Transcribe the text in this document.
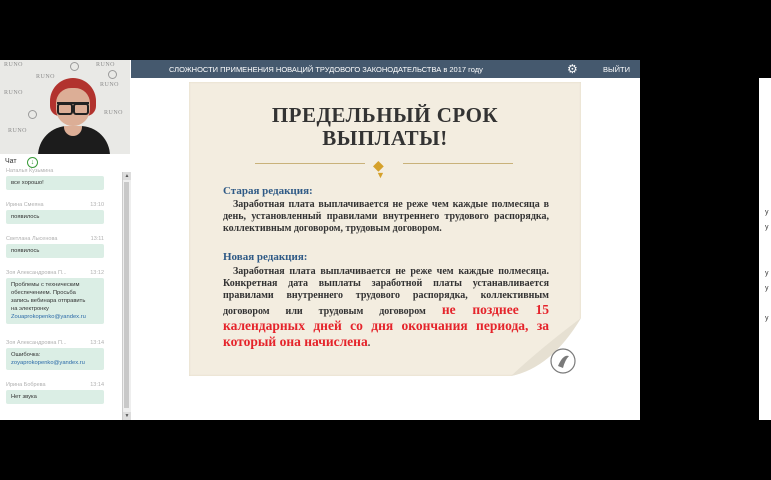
RUNO	RUNO
RUNO
RUNO
RUNO
RUNO
RUNO
Чат	↓
Наталья Кузьмина
все хорошо!
Ирина Смеяна	13:10
появилось
Светлана Лысенова	13:11
появилось
Зоя Александровна П...	13:12
Проблемы с техническим
обеспечением. Просьба
запись вебинара отправить
на электронку
Zouaprokopenko@yandex.ru
Зоя Александровна П...	13:14
Ошибочка:
zoyaprokopenko@yandex.ru
Ирина Бобрева	13:14
Нет звука
▲
▼
СЛОЖНОСТИ ПРИМЕНЕНИЯ НОВАЦИЙ ТРУДОВОГО ЗАКОНОДАТЕЛЬСТВА в 2017 году	⚙	ВЫЙТИ
ПРЕДЕЛЬНЫЙ СРОК
ВЫПЛАТЫ!
◆
▼
Старая редакция:
Заработная плата выплачивается не реже чем каждые полмесяца в день, установленный правилами внутреннего трудового распорядка, коллективным договором, трудовым договором.
Новая редакция:
Заработная плата выплачивается не реже чем каждые полмесяца. Конкретная дата выплаты заработной платы устанавливается правилами внутреннего трудового распорядка, коллективным договором или трудовым договором не позднее 15 календарных дней со дня окончания периода, за который она начислена.
у
у
у
у
у
